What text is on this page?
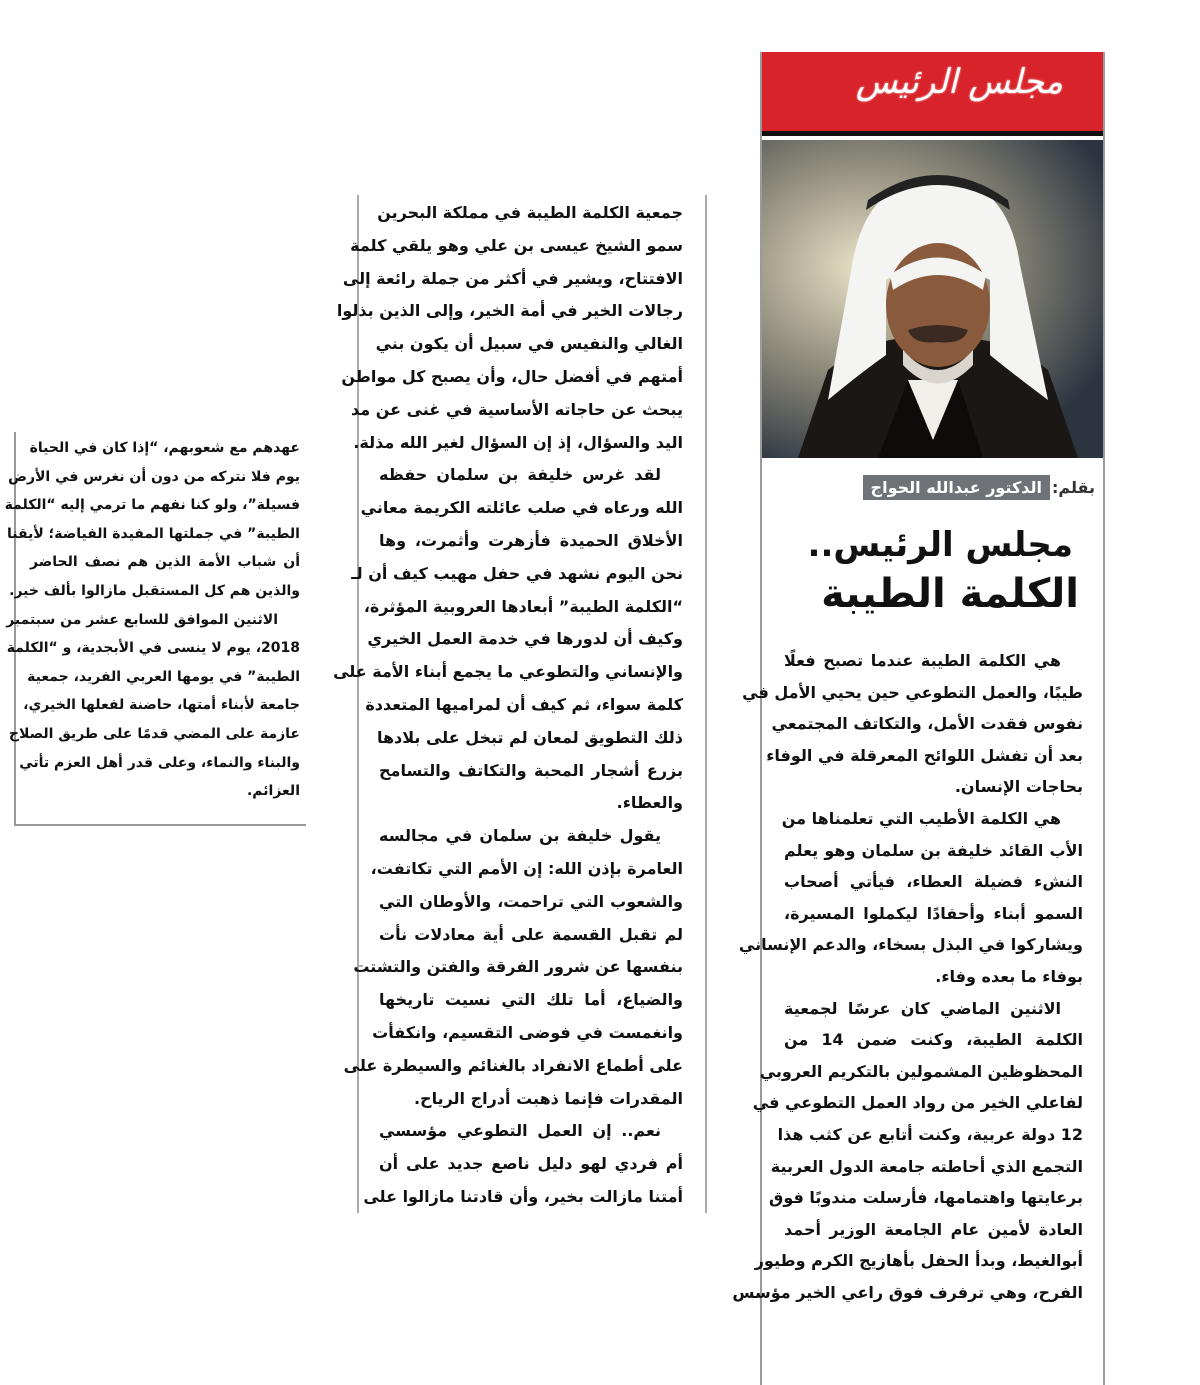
مجلس الرئيس
بقلم:
الدكتور عبدالله الحواج
مجلس الرئيس..
الكلمة الطيبة
هي الكلمة الطيبة عندما تصبح فعلًا
طيبًا، والعمل التطوعي حين يحيي الأمل في
نفوس فقدت الأمل، والتكاتف المجتمعي
بعد أن تفشل اللوائح المعرقلة في الوفاء
بحاجات الإنسان.
هي الكلمة الأطيب التي تعلمناها من
الأب القائد خليفة بن سلمان وهو يعلم
النشء فضيلة العطاء، فيأتي أصحاب
السمو أبناء وأحفادًا ليكملوا المسيرة،
ويشاركوا في البذل بسخاء، والدعم الإنساني
بوفاء ما بعده وفاء.
الاثنين الماضي كان عرسًا لجمعية
الكلمة الطيبة، وكنت ضمن 14 من
المحظوظين المشمولين بالتكريم العروبي
لفاعلي الخير من رواد العمل التطوعي في
12 دولة عربية، وكنت أتابع عن كثب هذا
التجمع الذي أحاطته جامعة الدول العربية
برعايتها واهتمامها، فأرسلت مندوبًا فوق
العادة لأمين عام الجامعة الوزير أحمد
أبوالغيط، وبدأ الحفل بأهازيج الكرم وطيور
الفرح، وهي ترفرف فوق راعي الخير مؤسس
جمعية الكلمة الطيبة في مملكة البحرين
سمو الشيخ عيسى بن علي وهو يلقي كلمة
الافتتاح، ويشير في أكثر من جملة رائعة إلى
رجالات الخير في أمة الخير، وإلى الذين بذلوا
الغالي والنفيس في سبيل أن يكون بني
أمتهم في أفضل حال، وأن يصبح كل مواطن
يبحث عن حاجاته الأساسية في غنى عن مد
اليد والسؤال، إذ إن السؤال لغير الله مذلة.
لقد غرس خليفة بن سلمان حفظه
الله ورعاه في صلب عائلته الكريمة معاني
الأخلاق الحميدة فأزهرت وأثمرت، وها
نحن اليوم نشهد في حفل مهيب كيف أن لـ
“الكلمة الطيبة” أبعادها العروبية المؤثرة،
وكيف أن لدورها في خدمة العمل الخيري
والإنساني والتطوعي ما يجمع أبناء الأمة على
كلمة سواء، ثم كيف أن لمراميها المتعددة
ذلك التطويق لمعان لم تبخل على بلادها
بزرع أشجار المحبة والتكاتف والتسامح
والعطاء.
يقول خليفة بن سلمان في مجالسه
العامرة بإذن الله: إن الأمم التي تكاتفت،
والشعوب التي تراحمت، والأوطان التي
لم تقبل القسمة على أية معادلات نأت
بنفسها عن شرور الفرقة والفتن والتشتت
والضياع، أما تلك التي نسيت تاريخها
وانغمست في فوضى التقسيم، وانكفأت
على أطماع الانفراد بالغنائم والسيطرة على
المقدرات فإنما ذهبت أدراج الرياح.
نعم.. إن العمل التطوعي مؤسسي
أم فردي لهو دليل ناصع جديد على أن
أمتنا مازالت بخير، وأن قادتنا مازالوا على
عهدهم مع شعوبهم، “إذا كان في الحياة
يوم فلا نتركه من دون أن نغرس في الأرض
فسيلة”، ولو كنا نفهم ما ترمي إليه “الكلمة
الطيبة” في جملتها المفيدة الفياضة؛ لأيقنا
أن شباب الأمة الذين هم نصف الحاضر
والذين هم كل المستقبل مازالوا بألف خير.
الاثنين الموافق للسابع عشر من سبتمبر
2018، يوم لا ينسى في الأبجدية، و “الكلمة
الطيبة” في يومها العربي الفريد، جمعية
جامعة لأبناء أمتها، حاضنة لفعلها الخيري،
عازمة على المضي قدمًا على طريق الصلاح
والبناء والنماء، وعلى قدر أهل العزم تأتي
العزائم.
